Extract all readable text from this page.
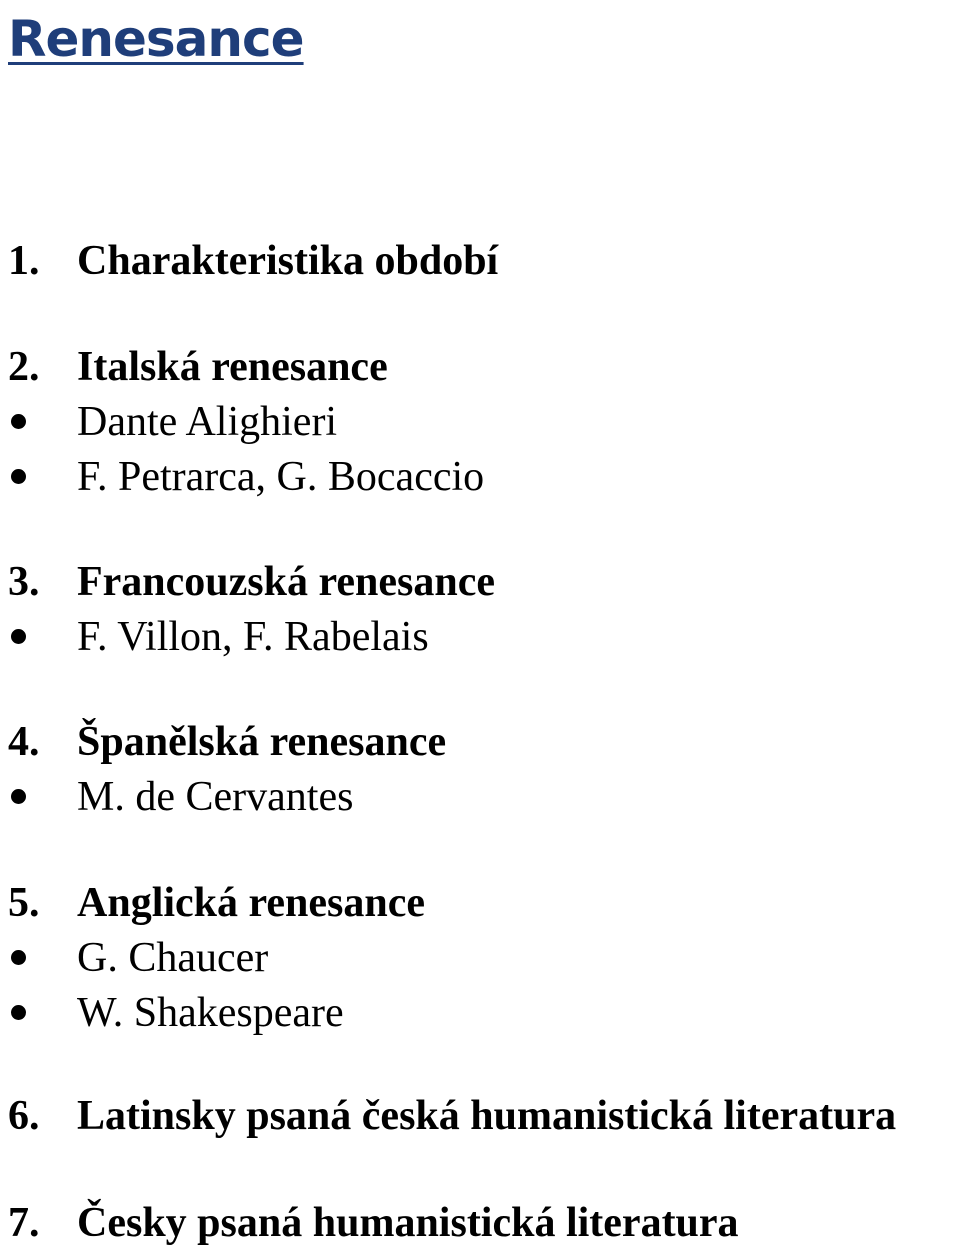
Renesance
1. Charakteristika období
2. Italská renesance
Dante Alighieri
F. Petrarca, G. Bocaccio
3. Francouzská renesance
F. Villon, F. Rabelais
4. Španělská renesance
M. de Cervantes
5. Anglická renesance
G. Chaucer
W. Shakespeare
6. Latinsky psaná česká humanistická literatura
7. Česky psaná humanistická literatura
